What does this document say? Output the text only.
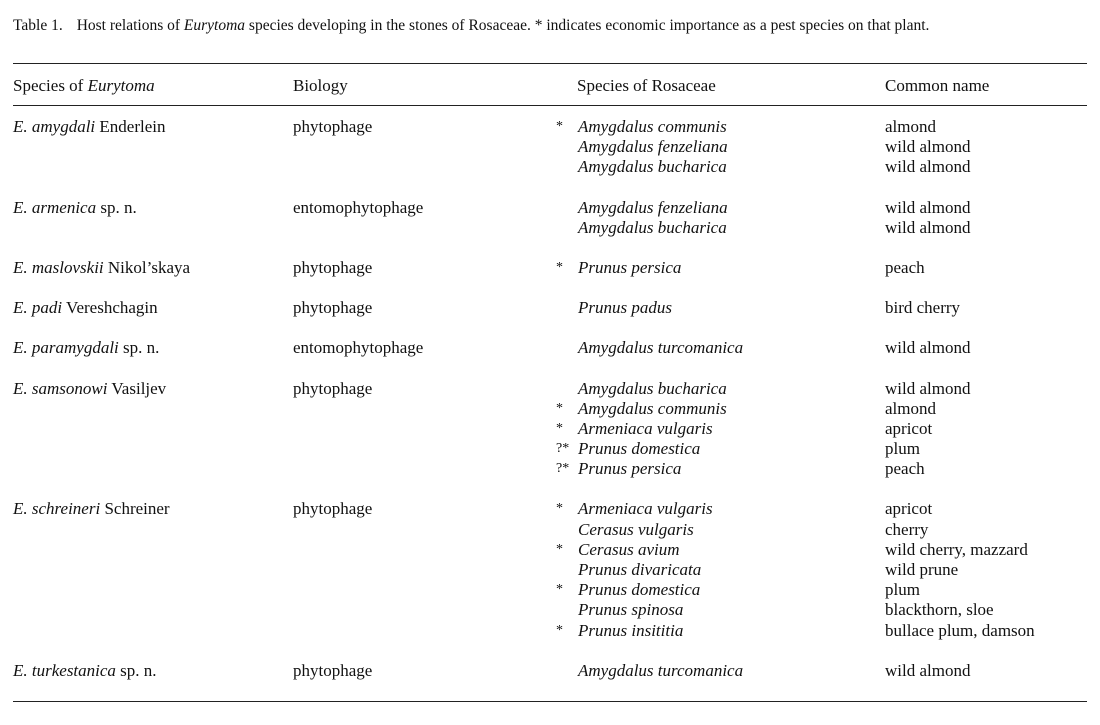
Table 1. Host relations of Eurytoma species developing in the stones of Rosaceae. * indicates economic importance as a pest species on that plant.
Species of Eurytoma	Biology	Species of Rosaceae	Common name
E. amygdali Enderlein	phytophage	* Amygdalus communis	almond
Amygdalus fenzeliana	wild almond
Amygdalus bucharica	wild almond
E. armenica sp. n.	entomophytophage	Amygdalus fenzeliana	wild almond
Amygdalus bucharica	wild almond
E. maslovskii Nikol’skaya	phytophage	* Prunus persica	peach
E. padi Vereshchagin	phytophage	Prunus padus	bird cherry
E. paramygdali sp. n.	entomophytophage	Amygdalus turcomanica	wild almond
E. samsonowi Vasiljev	phytophage	Amygdalus bucharica	wild almond
* Amygdalus communis	almond
* Armeniaca vulgaris	apricot
?* Prunus domestica	plum
?* Prunus persica	peach
E. schreineri Schreiner	phytophage	* Armeniaca vulgaris	apricot
Cerasus vulgaris	cherry
* Cerasus avium	wild cherry, mazzard
Prunus divaricata	wild prune
* Prunus domestica	plum
Prunus spinosa	blackthorn, sloe
* Prunus insititia	bullace plum, damson
E. turkestanica sp. n.	phytophage	Amygdalus turcomanica	wild almond
